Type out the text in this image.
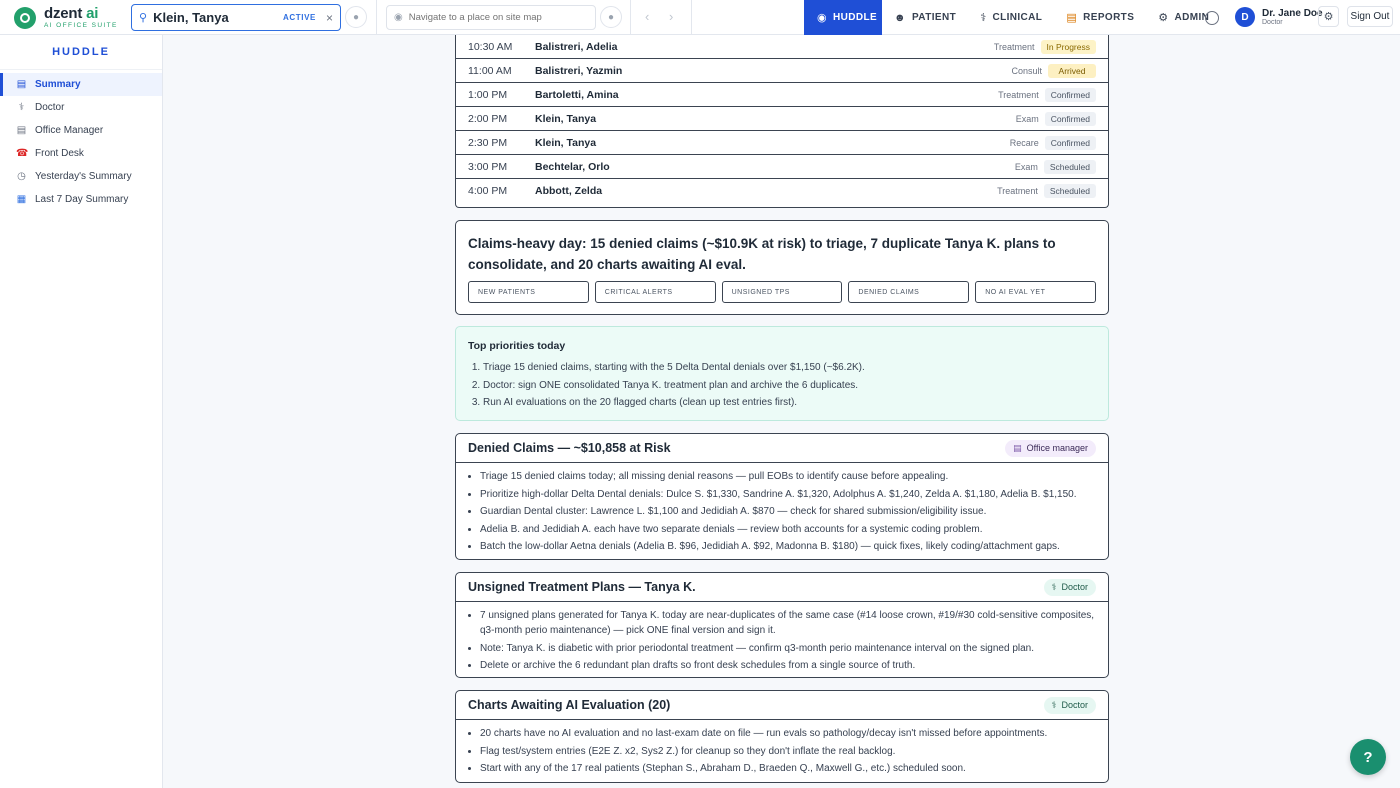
dzent ai
AI OFFICE SUITE
⚲ Klein, Tanya	ACTIVE ×	●	◉
Navigate to a place on site map	●	‹ ›	◉ HUDDLE ☻ PATIENT ⚕ CLINICAL ▤ REPORTS ⚙ ADMIN	D	Dr. Jane Doe
Doctor	⚙	Sign Out
HUDDLE
▤ Summary
⚕ Doctor
▤ Office Manager
☎ Front Desk
◷ Yesterday's Summary
▦ Last 7 Day Summary
10:30 AM	Balistreri, Adelia	Treatment	In Progress
11:00 AM	Balistreri, Yazmin	Consult	Arrived
1:00 PM	Bartoletti, Amina	Treatment	Confirmed
2:00 PM	Klein, Tanya	Exam	Confirmed
2:30 PM	Klein, Tanya	Recare	Confirmed
3:00 PM	Bechtelar, Orlo	Exam	Scheduled
4:00 PM	Abbott, Zelda	Treatment	Scheduled
Claims-heavy day: 15 denied claims (~$10.9K at risk) to triage, 7 duplicate Tanya K. plans to consolidate, and 20 charts awaiting AI eval.
NEW PATIENTS	CRITICAL ALERTS	UNSIGNED TPS	DENIED CLAIMS	NO AI EVAL YET
Top priorities today
1. Triage 15 denied claims, starting with the 5 Delta Dental denials over $1,150 (~$6.2K).
2. Doctor: sign ONE consolidated Tanya K. treatment plan and archive the 6 duplicates.
3. Run AI evaluations on the 20 flagged charts (clean up test entries first).
Denied Claims — ~$10,858 at Risk	▤ Office manager
• Triage 15 denied claims today; all missing denial reasons — pull EOBs to identify cause before appealing.
• Prioritize high-dollar Delta Dental denials: Dulce S. $1,330, Sandrine A. $1,320, Adolphus A. $1,240, Zelda A. $1,180, Adelia B. $1,150.
• Guardian Dental cluster: Lawrence L. $1,100 and Jedidiah A. $870 — check for shared submission/eligibility issue.
• Adelia B. and Jedidiah A. each have two separate denials — review both accounts for a systemic coding problem.
• Batch the low-dollar Aetna denials (Adelia B. $96, Jedidiah A. $92, Madonna B. $180) — quick fixes, likely coding/attachment gaps.
Unsigned Treatment Plans — Tanya K.	⚕ Doctor
• 7 unsigned plans generated for Tanya K. today are near-duplicates of the same case (#14 loose crown, #19/#30 cold-sensitive composites, q3-month perio maintenance) — pick ONE final version and sign it.
• Note: Tanya K. is diabetic with prior periodontal treatment — confirm q3-month perio maintenance interval on the signed plan.
• Delete or archive the 6 redundant plan drafts so front desk schedules from a single source of truth.
Charts Awaiting AI Evaluation (20)	⚕ Doctor
• 20 charts have no AI evaluation and no last-exam date on file — run evals so pathology/decay isn't missed before appointments.
• Flag test/system entries (E2E Z. x2, Sys2 Z.) for cleanup so they don't inflate the real backlog.
• Start with any of the 17 real patients (Stephan S., Abraham D., Braeden Q., Maxwell G., etc.) scheduled soon.
?
